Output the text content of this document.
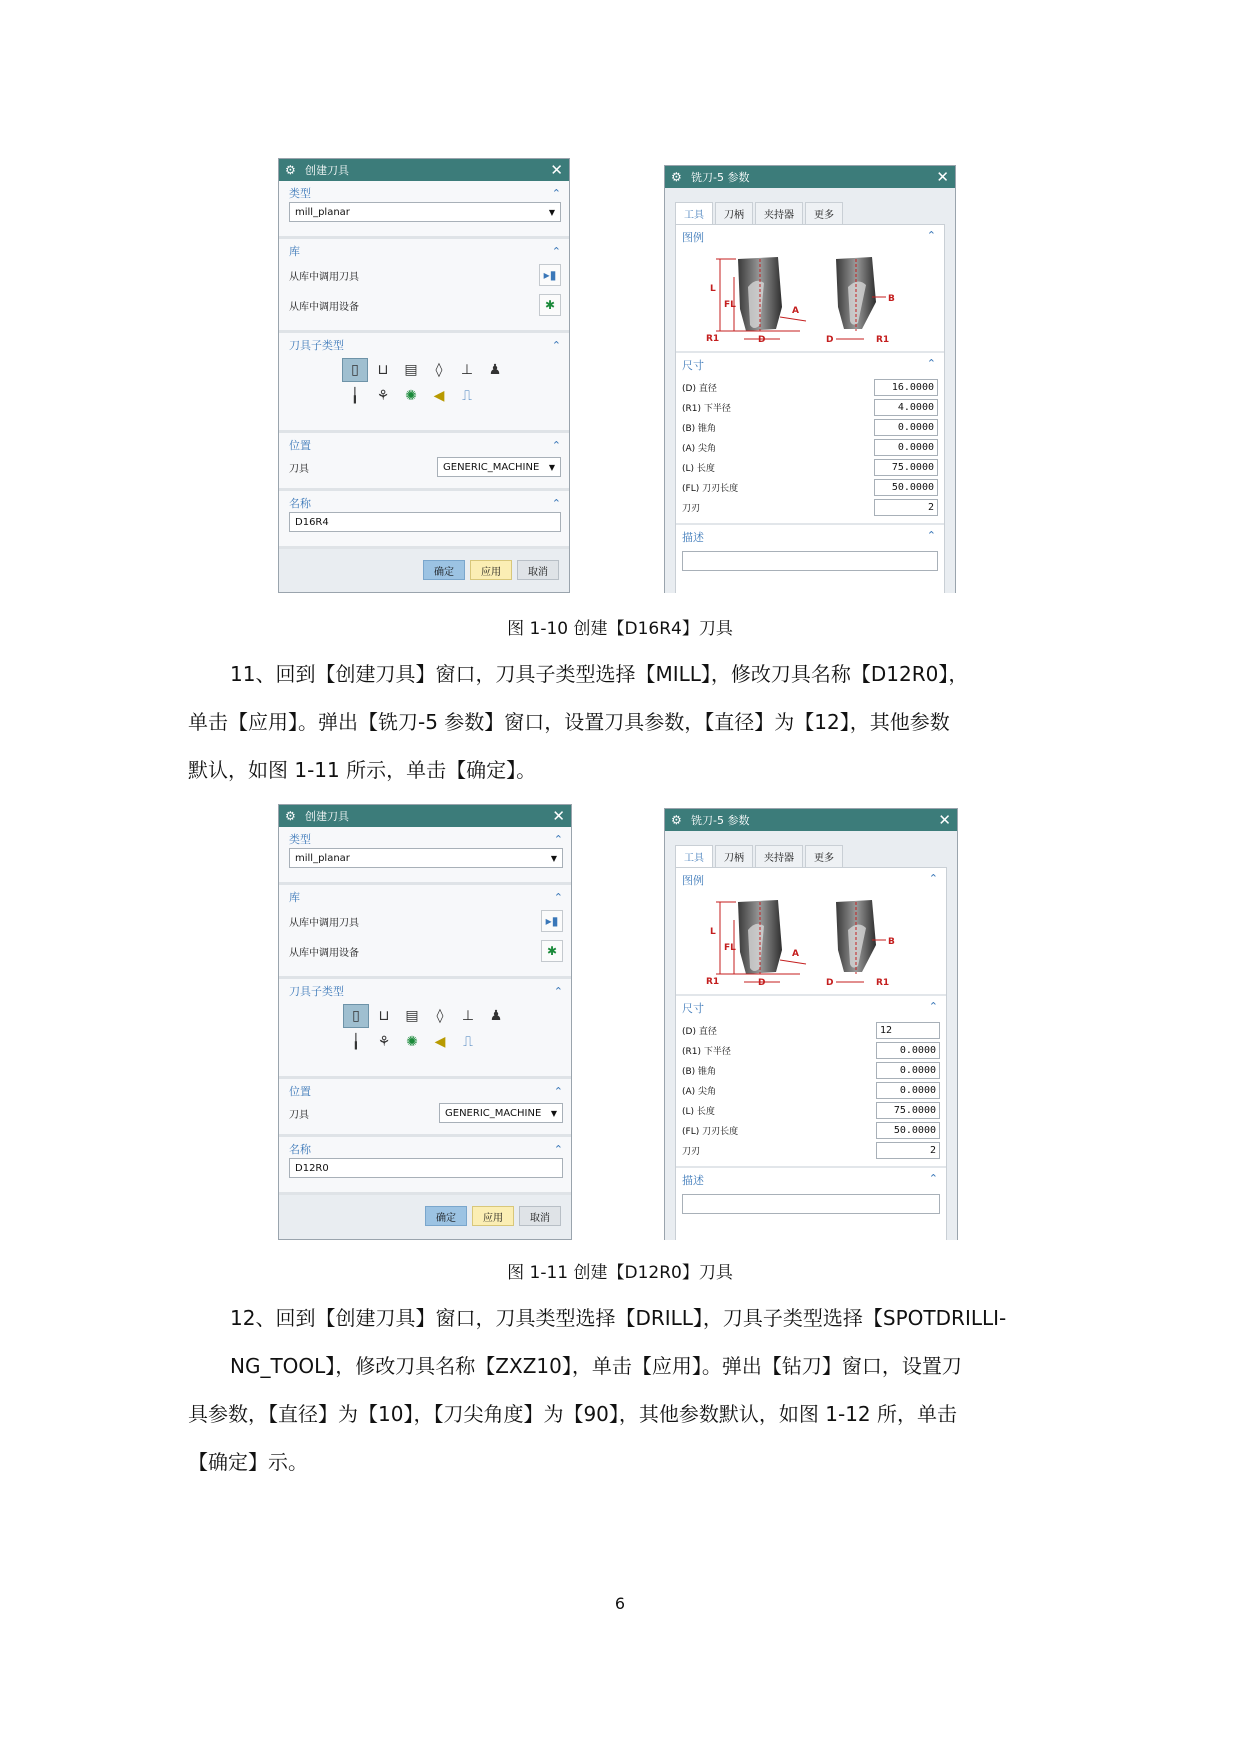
⚙ 创建刀具	✕
类型	⌃
mill_planar	▼
库	⌃
从库中调用刀具	▸▮
从库中调用设备	✱
刀具子类型	⌃
▯	⊔	▤	◊	⊥	♟
╽	⚘	✺	◀	⎍
位置	⌃
刀具	GENERIC_MACHINE	▼
名称	⌃
D16R4
确定	应用	取消
⚙ 铣刀-5 参数	✕
工具	刀柄	夹持器	更多
图例	⌃
L
FL
R1	D
A
D
B
R1
尺寸	⌃
(D) 直径	16.0000
(R1) 下半径	4.0000
(B) 锥角	0.0000
(A) 尖角	0.0000
(L) 长度	75.0000
(FL) 刀刃长度	50.0000
刀刃	2
描述	⌃
图 1-10 创建【D16R4】刀具

11、回到【创建刀具】窗口，刀具子类型选择【MILL】，修改刀具名称【D12R0】，

单击【应用】。弹出【铣刀-5 参数】窗口，设置刀具参数，【直径】为【12】，其他参数

默认，如图 1-11 所示，单击【确定】。

⚙ 创建刀具	✕
类型	⌃
mill_planar	▼
库	⌃
从库中调用刀具	▸▮
从库中调用设备	✱
刀具子类型	⌃
▯	⊔	▤	◊	⊥	♟
╽	⚘	✺	◀	⎍
位置	⌃
刀具	GENERIC_MACHINE	▼
名称	⌃
D12R0
确定	应用	取消
⚙ 铣刀-5 参数	✕
工具	刀柄	夹持器	更多
图例	⌃
L
FL
R1	D
A
D
B
R1
尺寸	⌃
(D) 直径	12
(R1) 下半径	0.0000
(B) 锥角	0.0000
(A) 尖角	0.0000
(L) 长度	75.0000
(FL) 刀刃长度	50.0000
刀刃	2
描述	⌃
图 1-11 创建【D12R0】刀具

12、回到【创建刀具】窗口，刀具类型选择【DRILL】，刀具子类型选择【SPOTDRILLI-

NG_TOOL】，修改刀具名称【ZXZ10】，单击【应用】。弹出【钻刀】窗口，设置刀

具参数，【直径】为【10】，【刀尖角度】为【90】，其他参数默认，如图 1-12 所，单击

【确定】示。

6
